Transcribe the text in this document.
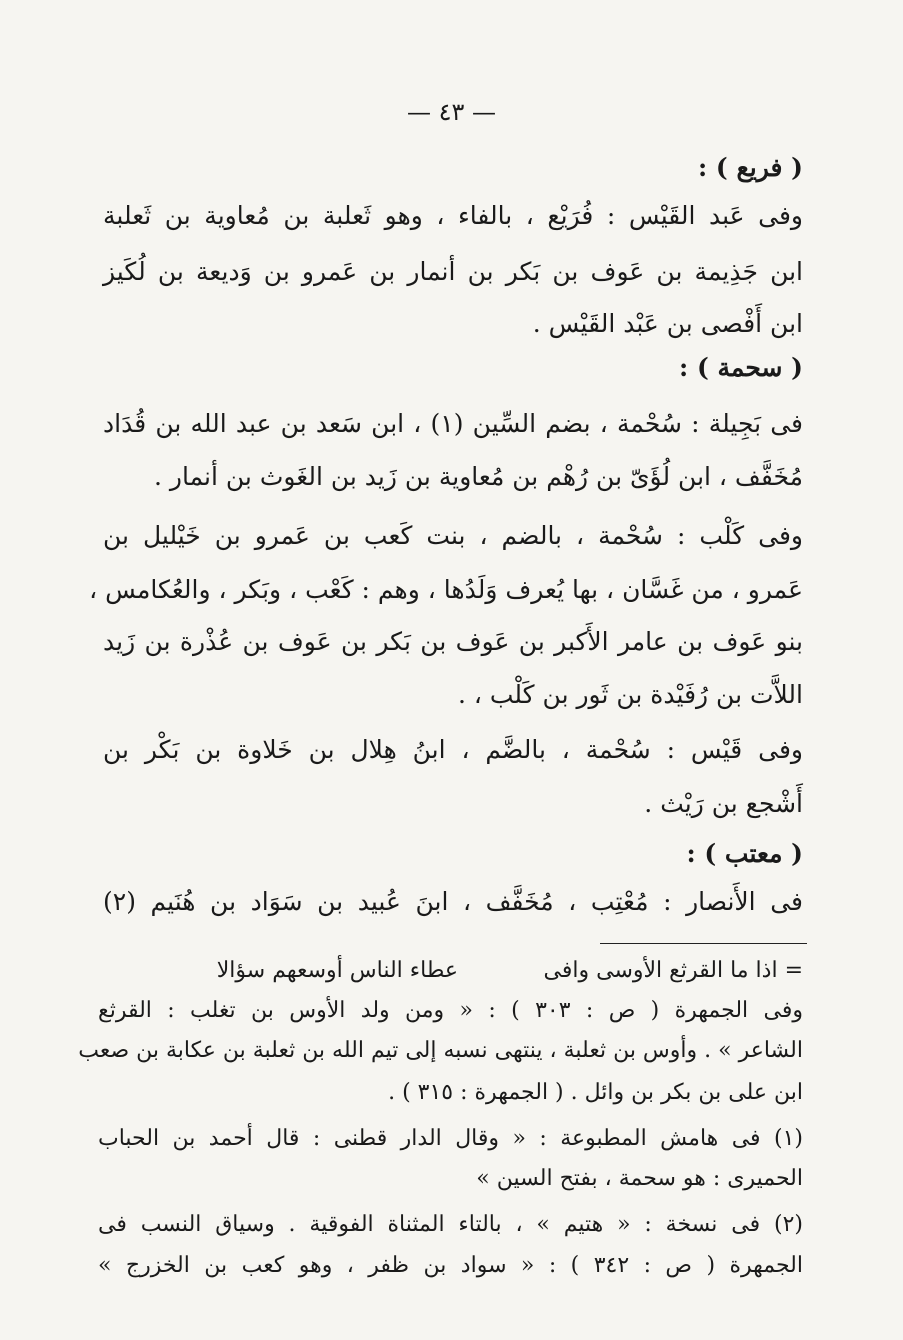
— ٤٣ —
( فريع ) :
وفى عَبد القَيْس : فُرَيْع ، بالفاء ، وهو ثَعلبة بن مُعاوية بن ثَعلبة
ابن جَذِيمة بن عَوف بن بَكر بن أنمار بن عَمرو بن وَديعة بن لُكَيز
ابن أَفْصى بن عَبْد القَيْس .
( سحمة ) :
فى بَجِيلة : سُحْمة ، بضم السِّين (١) ، ابن سَعد بن عبد الله بن قُدَاد
مُخَفَّف ، ابن لُؤَىّ بن رُهْم بن مُعاوية بن زَيد بن الغَوث بن أنمار .
وفى كَلْب : سُحْمة ، بالضم ، بنت كَعب بن عَمرو بن خَيْليل بن
عَمرو ، من غَسَّان ، بها يُعرف وَلَدُها ، وهم : كَعْب ، وبَكر ، والعُكامس ،
بنو عَوف بن عامر الأَكبر بن عَوف بن بَكر بن عَوف بن عُذْرة بن زَيد
اللاَّت بن رُفَيْدة بن ثَور بن كَلْب ، .
وفى قَيْس : سُحْمة ، بالضَّم ، ابنُ هِلال بن خَلاوة بن بَكْر بن
أَشْجع بن رَيْث .
( معتب ) :
فى الأَنصار : مُعْتِب ، مُخَفَّف ، ابنَ عُبيد بن سَوَاد بن هُنَيم (٢)
= اذا ما القرثع الأوسى وافى
عطاء الناس أوسعهم سؤالا
وفى الجمهرة ( ص : ٣٠٣ ) : « ومن ولد الأوس بن تغلب : القرثع
الشاعر » . وأوس بن ثعلبة ، ينتهى نسبه إلى تيم الله بن ثعلبة بن عكابة بن صعب
ابن على بن بكر بن وائل . ( الجمهرة : ٣١٥ ) .
(١) فى هامش المطبوعة : « وقال الدار قطنى : قال أحمد بن الحباب
الحميرى : هو سحمة ، بفتح السين »
(٢) فى نسخة : « هتيم » ، بالتاء المثناة الفوقية . وسياق النسب فى
الجمهرة ( ص : ٣٤٢ ) : « سواد بن ظفر ، وهو كعب بن الخزرج »
